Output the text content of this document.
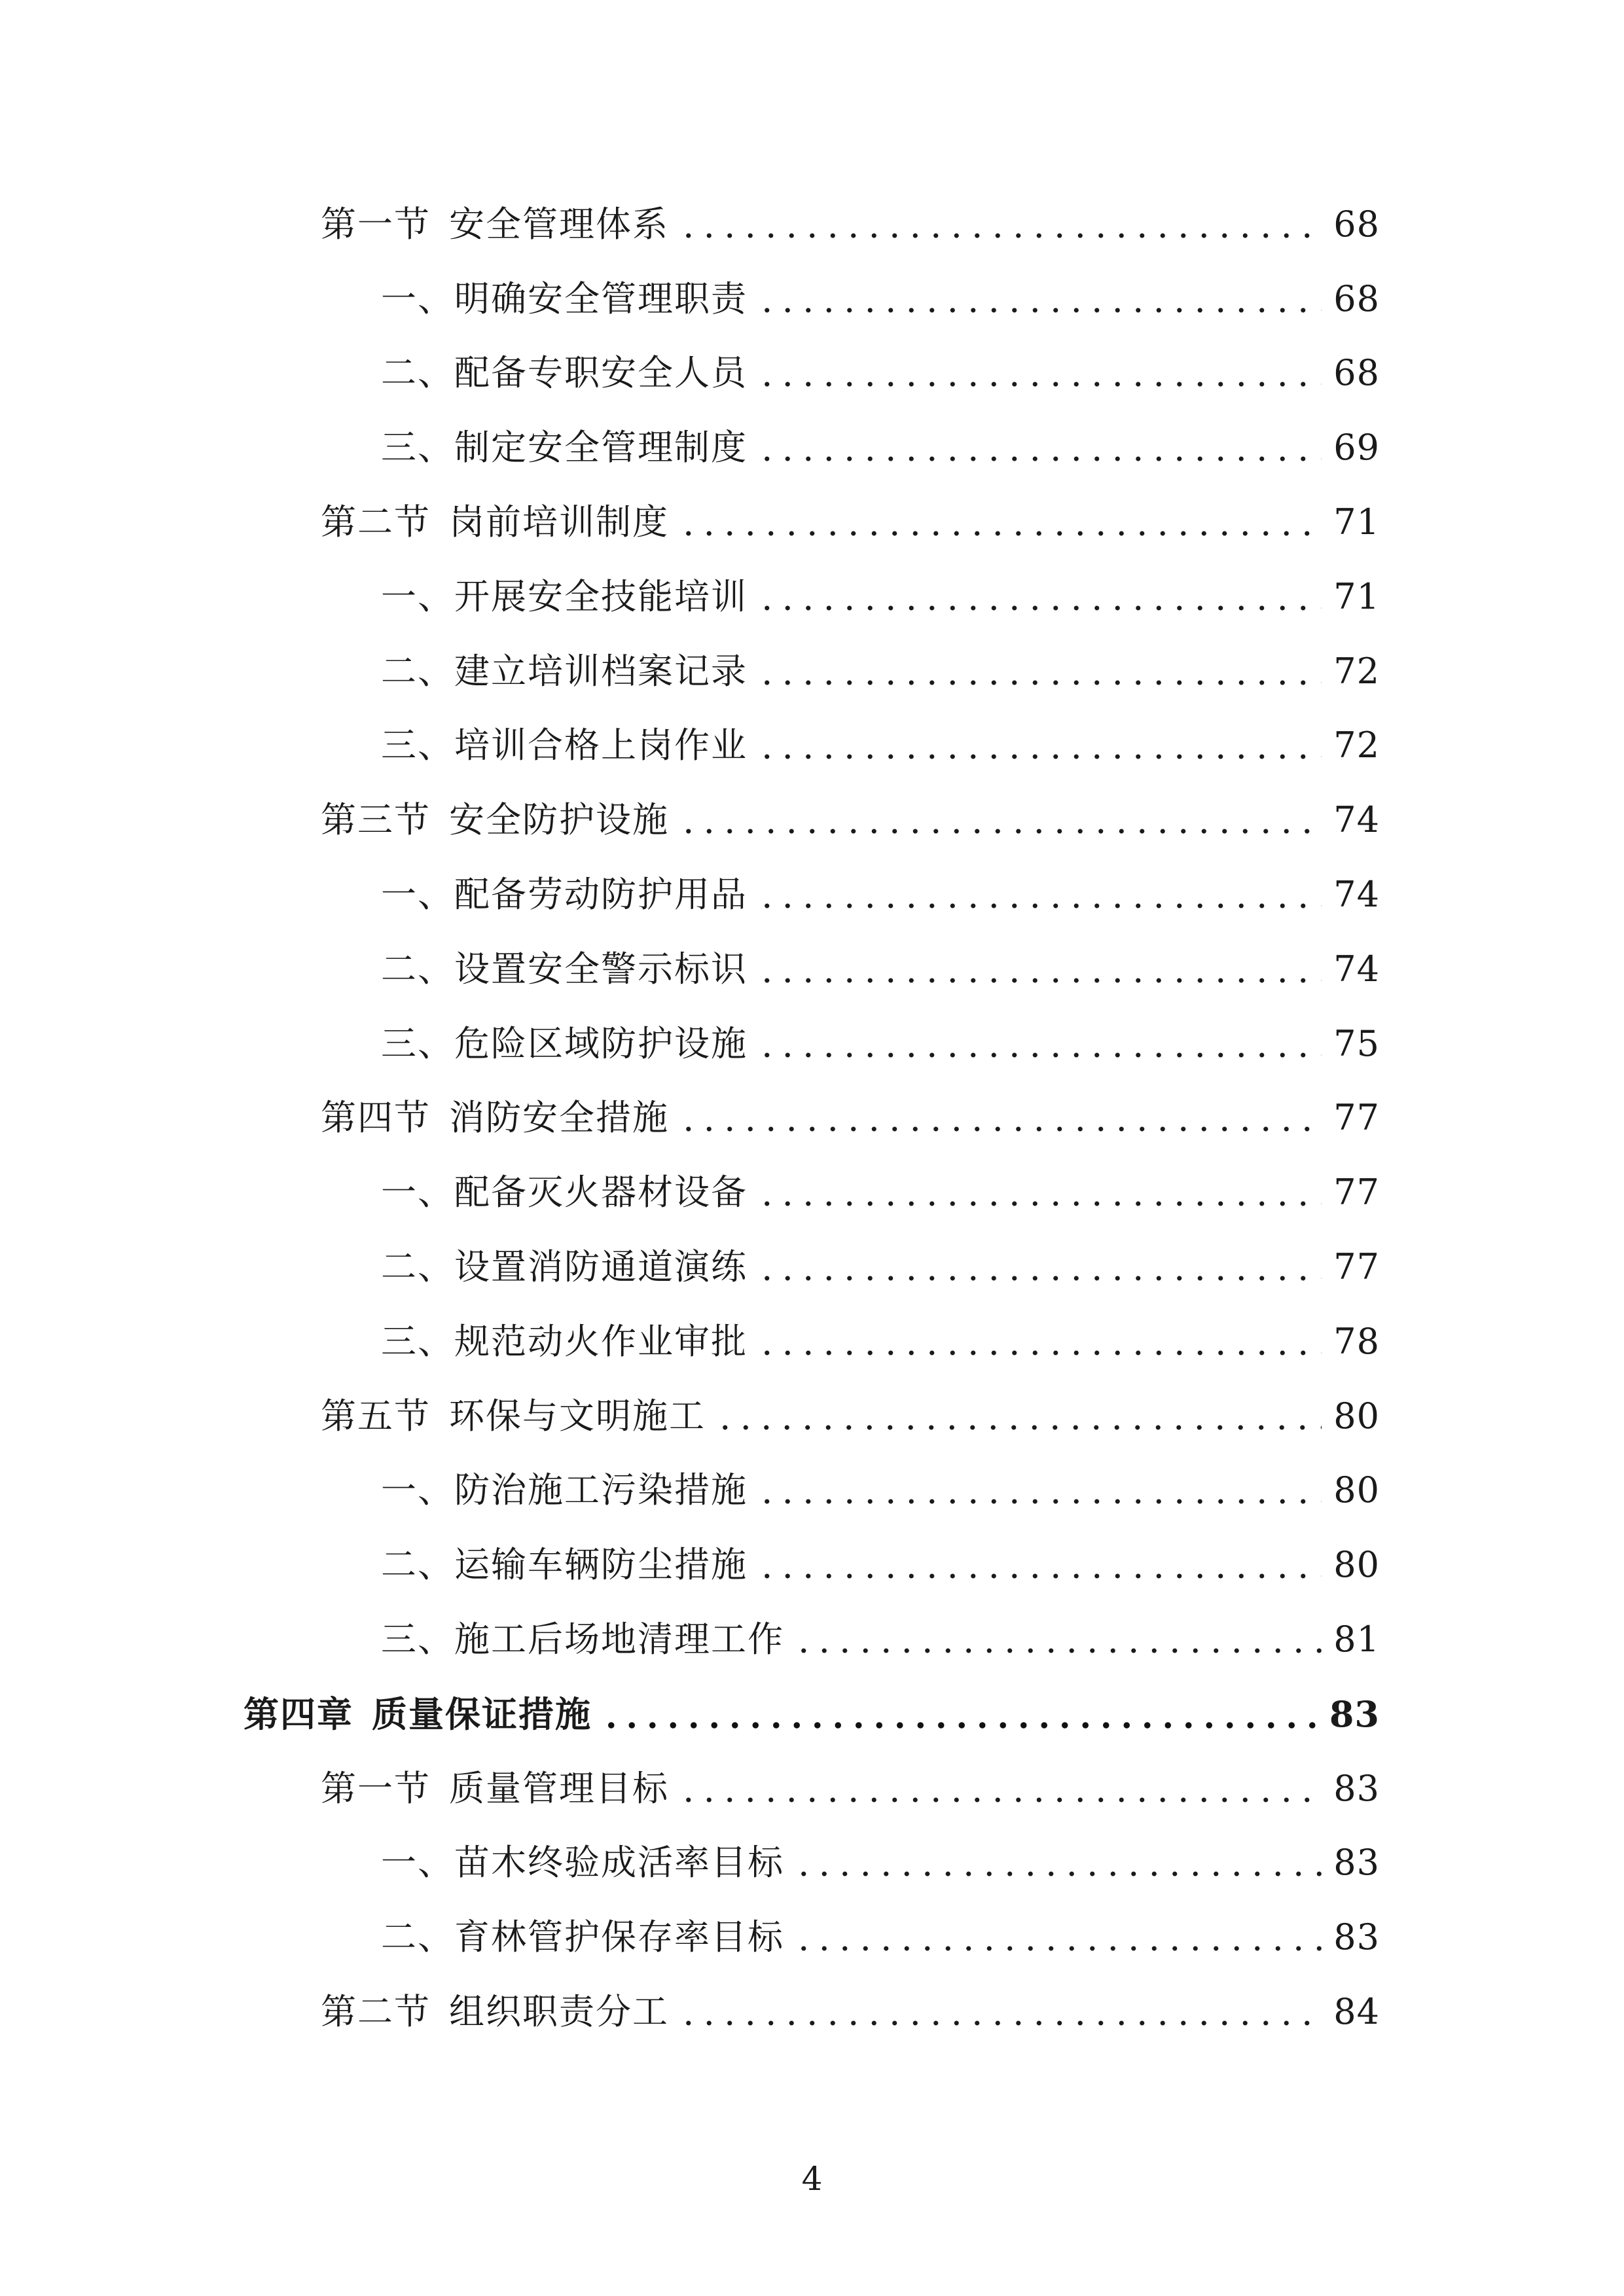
第一节 安全管理体系	68
一、明确安全管理职责	68
二、配备专职安全人员	68
三、制定安全管理制度	69
第二节 岗前培训制度	71
一、开展安全技能培训	71
二、建立培训档案记录	72
三、培训合格上岗作业	72
第三节 安全防护设施	74
一、配备劳动防护用品	74
二、设置安全警示标识	74
三、危险区域防护设施	75
第四节 消防安全措施	77
一、配备灭火器材设备	77
二、设置消防通道演练	77
三、规范动火作业审批	78
第五节 环保与文明施工	80
一、防治施工污染措施	80
二、运输车辆防尘措施	80
三、施工后场地清理工作	81
第四章 质量保证措施	83
第一节 质量管理目标	83
一、苗木终验成活率目标	83
二、育林管护保存率目标	83
第二节 组织职责分工	84
4
